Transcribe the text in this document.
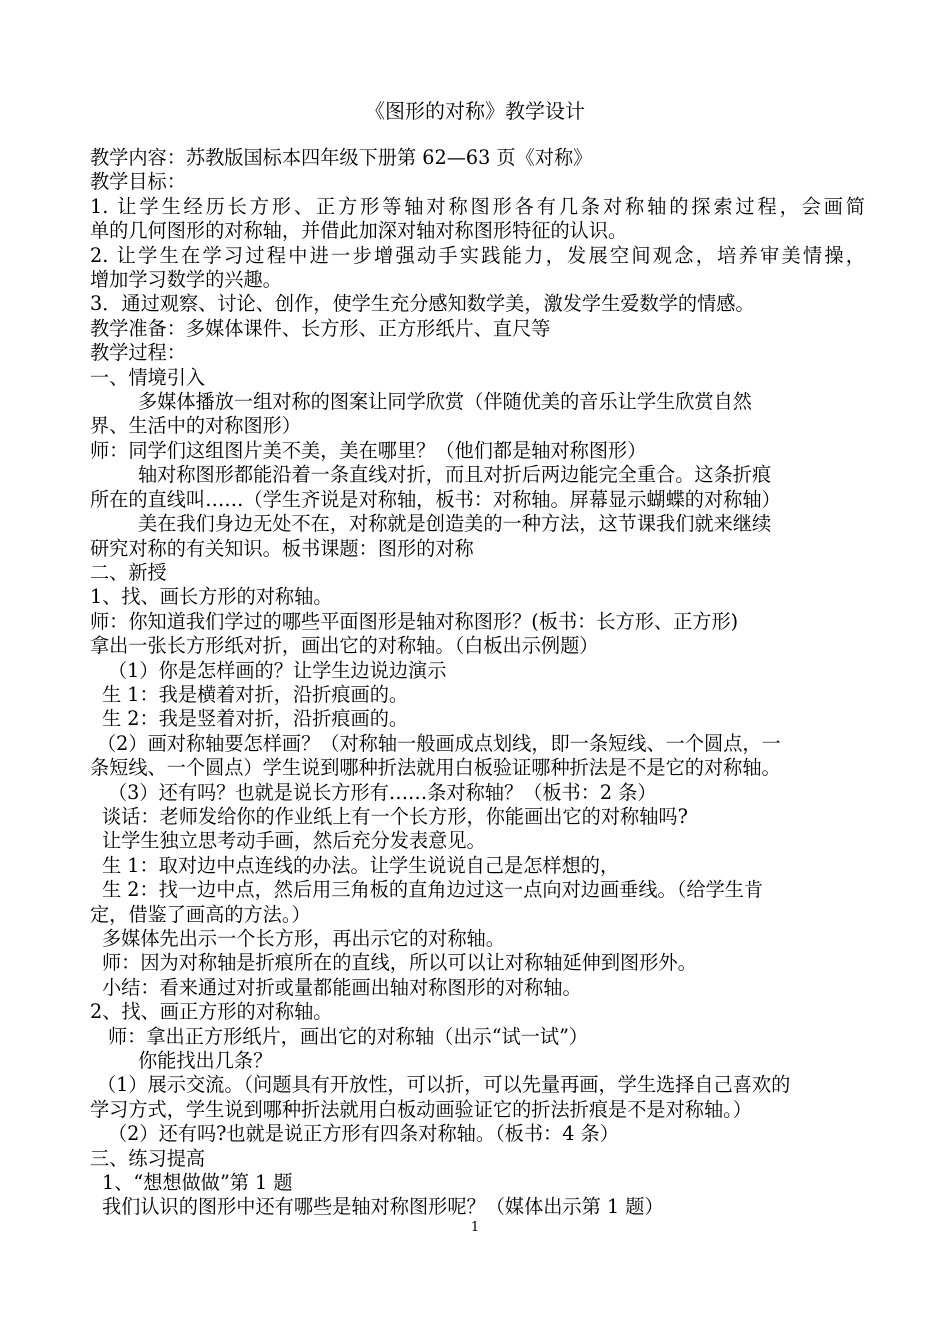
《图形的对称》教学设计
教学内容：苏教版国标本四年级下册第 62—63 页《对称》
教学目标：
1. 让学生经历长方形、正方形等轴对称图形各有几条对称轴的探索过程，会画简
单的几何图形的对称轴，并借此加深对轴对称图形特征的认识。
2. 让学生在学习过程中进一步增强动手实践能力，发展空间观念，培养审美情操，
增加学习数学的兴趣。
3．通过观察、讨论、创作，使学生充分感知数学美，激发学生爱数学的情感。
教学准备：多媒体课件、长方形、正方形纸片、直尺等
教学过程：
一、情境引入
多媒体播放一组对称的图案让同学欣赏（伴随优美的音乐让学生欣赏自然
界、生活中的对称图形）
师：同学们这组图片美不美，美在哪里？（他们都是轴对称图形）
轴对称图形都能沿着一条直线对折，而且对折后两边能完全重合。这条折痕
所在的直线叫……（学生齐说是对称轴，板书：对称轴。屏幕显示蝴蝶的对称轴）
美在我们身边无处不在，对称就是创造美的一种方法，这节课我们就来继续
研究对称的有关知识。板书课题：图形的对称
二、新授
1、找、画长方形的对称轴。
师：你知道我们学过的哪些平面图形是轴对称图形？(板书：长方形、正方形)
拿出一张长方形纸对折，画出它的对称轴。（白板出示例题）
（1）你是怎样画的？让学生边说边演示
生 1：我是横着对折，沿折痕画的。
生 2：我是竖着对折，沿折痕画的。
（2）画对称轴要怎样画？（对称轴一般画成点划线，即一条短线、一个圆点，一
条短线、一个圆点）学生说到哪种折法就用白板验证哪种折法是不是它的对称轴。
（3）还有吗？也就是说长方形有……条对称轴？（板书：2 条）
谈话：老师发给你的作业纸上有一个长方形，你能画出它的对称轴吗?
让学生独立思考动手画，然后充分发表意见。
生 1：取对边中点连线的办法。让学生说说自己是怎样想的，
生 2：找一边中点，然后用三角板的直角边过这一点向对边画垂线。（给学生肯
定，借鉴了画高的方法。）
多媒体先出示一个长方形，再出示它的对称轴。
师：因为对称轴是折痕所在的直线，所以可以让对称轴延伸到图形外。
小结：看来通过对折或量都能画出轴对称图形的对称轴。
2、找、画正方形的对称轴。
师：拿出正方形纸片，画出它的对称轴（出示“试一试”）
你能找出几条？
（1）展示交流。（问题具有开放性，可以折，可以先量再画，学生选择自己喜欢的
学习方式，学生说到哪种折法就用白板动画验证它的折法折痕是不是对称轴。）
（2）还有吗?也就是说正方形有四条对称轴。（板书：4 条）
三、练习提高
1、“想想做做”第 1 题
我们认识的图形中还有哪些是轴对称图形呢？（媒体出示第 1 题）
1
